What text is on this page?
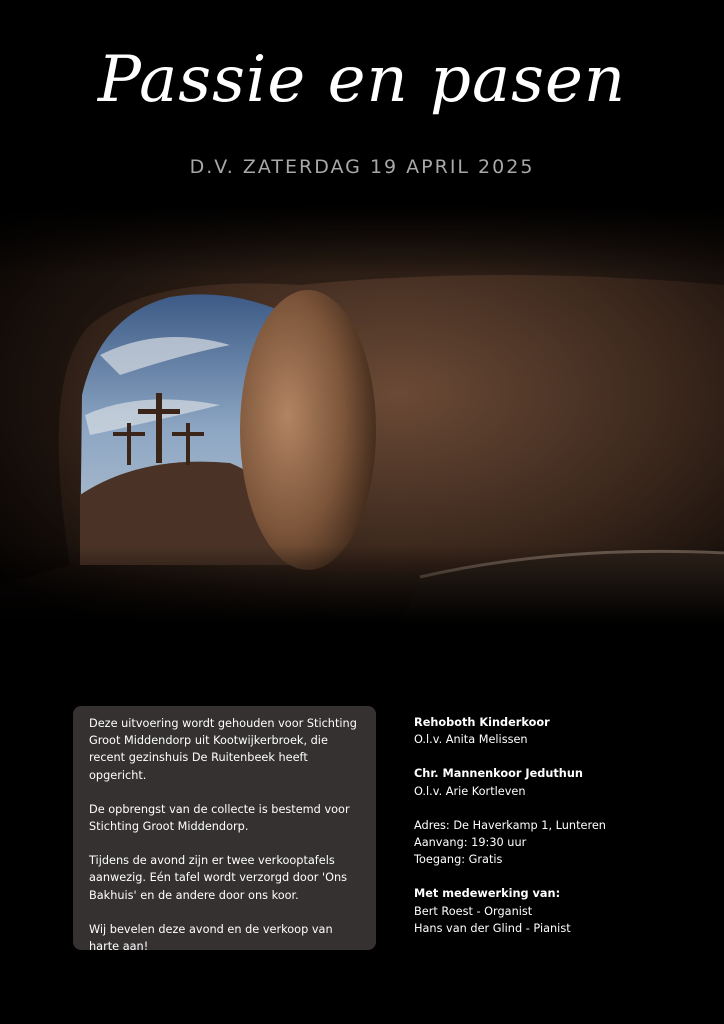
Passie en pasen
D.V. ZATERDAG 19 APRIL 2025

Deze uitvoering wordt gehouden voor Stichting Groot Middendorp uit Kootwijkerbroek, die recent gezinshuis De Ruitenbeek heeft opgericht.

De opbrengst van de collecte is bestemd voor Stichting Groot Middendorp.

Tijdens de avond zijn er twee verkooptafels aanwezig. Eén tafel wordt verzorgd door 'Ons Bakhuis' en de andere door ons koor.

Wij bevelen deze avond en de verkoop van harte aan!

Rehoboth Kinderkoor
O.l.v. Anita Melissen
Chr. Mannenkoor Jeduthun
O.l.v. Arie Kortleven
Adres: De Haverkamp 1, Lunteren
Aanvang: 19:30 uur
Toegang: Gratis
Met medewerking van:
Bert Roest - Organist
Hans van der Glind - Pianist
